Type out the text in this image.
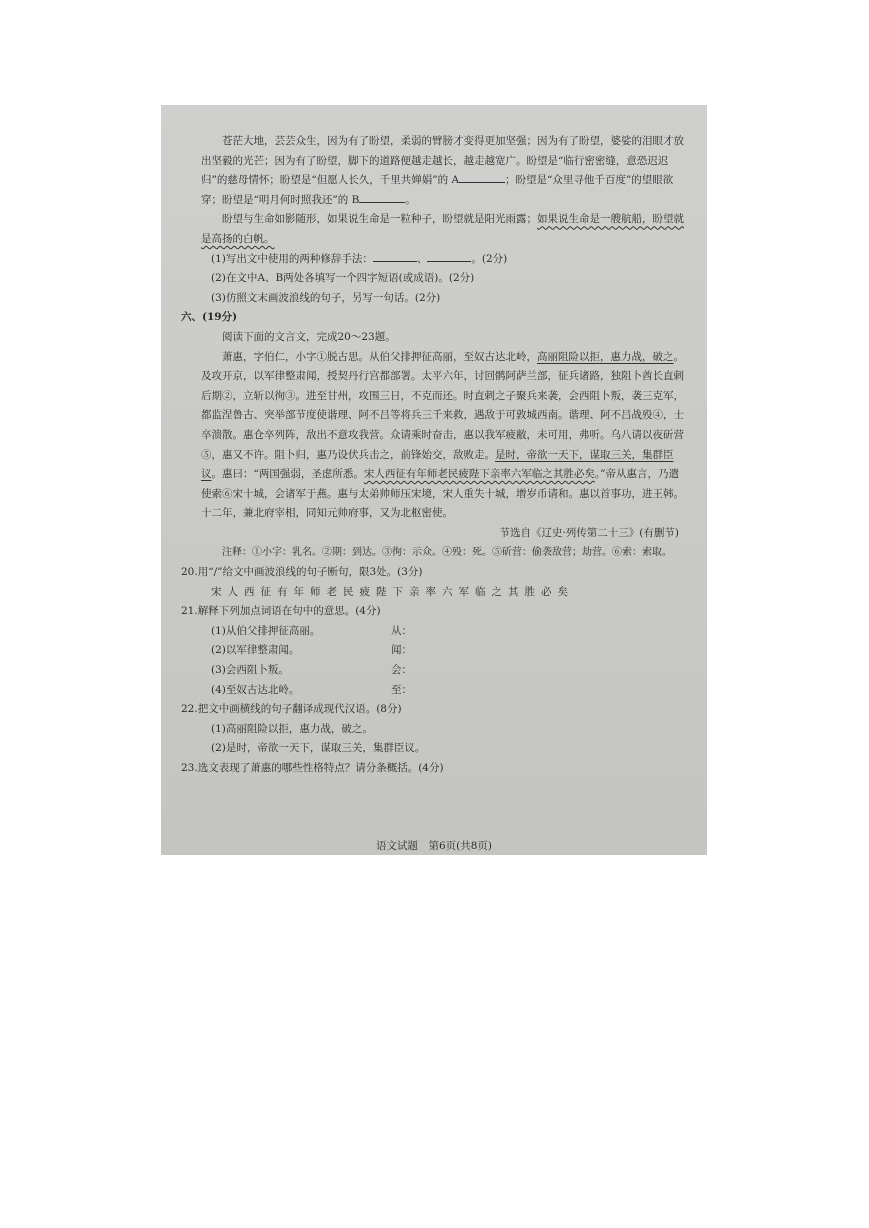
苍茫大地，芸芸众生，因为有了盼望，柔弱的臂膀才变得更加坚强；因为有了盼望，婆娑的泪眼才放出坚毅的光芒；因为有了盼望，脚下的道路便越走越长，越走越宽广。盼望是“临行密密缝，意恐迟迟归”的慈母情怀；盼望是“但愿人长久，千里共婵娟”的 A	；盼望是“众里寻他千百度”的望眼欲穿；盼望是“明月何时照我还”的 B	。

盼望与生命如影随形，如果说生命是一粒种子，盼望就是阳光雨露；如果说生命是一艘航船，盼望就是高扬的白帆。

(1)写出文中使用的两种修辞手法：	、	。(2分)

(2)在文中A、B两处各填写一个四字短语(或成语)。(2分)

(3)仿照文末画波浪线的句子，另写一句话。(2分)

六、(19分)

阅读下面的文言文，完成20～23题。

萧惠，字伯仁，小字①脱古思。从伯父排押征高丽，至奴古达北岭，高丽阻险以拒，惠力战，破之。及攻开京，以军律整肃闻，授契丹行宫都部署。太平六年，讨回鹘阿萨兰部，征兵诸路，独阻卜酋长直剌后期②，立斩以徇③。进至甘州，攻围三日，不克而还。时直剌之子聚兵来袭，会西阻卜叛，袭三克军，都监涅鲁古、突举部节度使谐理、阿不吕等将兵三千来救，遇敌于可敦城西南。谐理、阿不吕战殁④，士卒溃散。惠仓卒列阵，敌出不意攻我营。众请乘时奋击，惠以我军疲敝，未可用，弗听。乌八请以夜斫营⑤，惠又不许。阻卜归，惠乃设伏兵击之，前锋始交，敌败走。是时，帝欲一天下，谋取三关，集群臣议。惠曰：“两国强弱，圣虑所悉。宋人西征有年师老民疲陛下亲率六军临之其胜必矣。”帝从惠言，乃遣使索⑥宋十城，会诸军于燕。惠与太弟帅师压宋境，宋人重失十城，增岁币请和。惠以首事功，进王韩。十二年，兼北府宰相，同知元帅府事，又为北枢密使。

节选自《辽史·列传第二十三》(有删节)

注释：①小字：乳名。②期：到达。③徇：示众。④殁：死。⑤斫营：偷袭敌营；劫营。⑥索：索取。

20.用“/”给文中画波浪线的句子断句，限3处。(3分)

宋人西征有年师老民疲陛下亲率六军临之其胜必矣

21.解释下列加点词语在句中的意思。(4分)

(1)从伯父排押征高丽。	从：
(2)以军律整肃闻。	闻：
(3)会西阻卜叛。	会：
(4)至奴古达北岭。	至：

22.把文中画横线的句子翻译成现代汉语。(8分)

(1)高丽阻险以拒，惠力战，破之。

(2)是时，帝欲一天下，谋取三关，集群臣议。

23.选文表现了萧惠的哪些性格特点？请分条概括。(4分)

语文试题　第6页(共8页)
